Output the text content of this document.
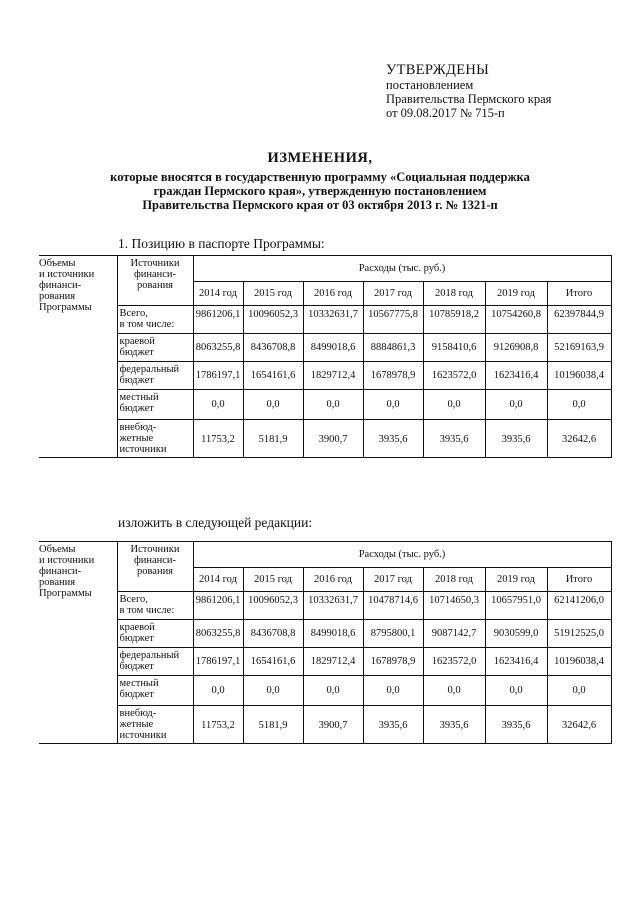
УТВЕРЖДЕНЫ
постановлением
Правительства Пермского края
от 09.08.2017 № 715-п
ИЗМЕНЕНИЯ,
которые вносятся в государственную программу «Социальная поддержка
граждан Пермского края», утвержденную постановлением
Правительства Пермского края от 03 октября 2013 г. № 1321-п
1. Позицию в паспорте Программы:
Объемы
и источники
финанси-
рования
Программы	Источники
финанси-
рования	Расходы (тыс. руб.)						
		2014 год	2015 год	2016 год	2017 год	2018 год	2019 год	Итого

	Всего,
в том числе:	9861206,1	10096052,3	10332631,7	10567775,8	10785918,2	10754260,8	62397844,9

	краевой
бюджет	8063255,8	8436708,8	8499018,6	8884861,3	9158410,6	9126908,8	52169163,9

	федеральный
бюджет	1786197,1	1654161,6	1829712,4	1678978,9	1623572,0	1623416,4	10196038,4

	местный
бюджет	0,0	0,0	0,0	0,0	0,0	0,0	0,0

	внебюд-
жетные
источники	11753,2	5181,9	3900,7	3935,6	3935,6	3935,6	32642,6
изложить в следующей редакции:
Объемы
и источники
финанси-
рования
Программы	Источники
финанси-
рования	Расходы (тыс. руб.)						
		2014 год	2015 год	2016 год	2017 год	2018 год	2019 год	Итого

	Всего,
в том числе:	9861206,1	10096052,3	10332631,7	10478714,6	10714650,3	10657951,0	62141206,0

	краевой
бюджет	8063255,8	8436708,8	8499018,6	8795800,1	9087142,7	9030599,0	51912525,0

	федеральный
бюджет	1786197,1	1654161,6	1829712,4	1678978,9	1623572,0	1623416,4	10196038,4

	местный
бюджет	0,0	0,0	0,0	0,0	0,0	0,0	0,0

	внебюд-
жетные
источники	11753,2	5181,9	3900,7	3935,6	3935,6	3935,6	32642,6
